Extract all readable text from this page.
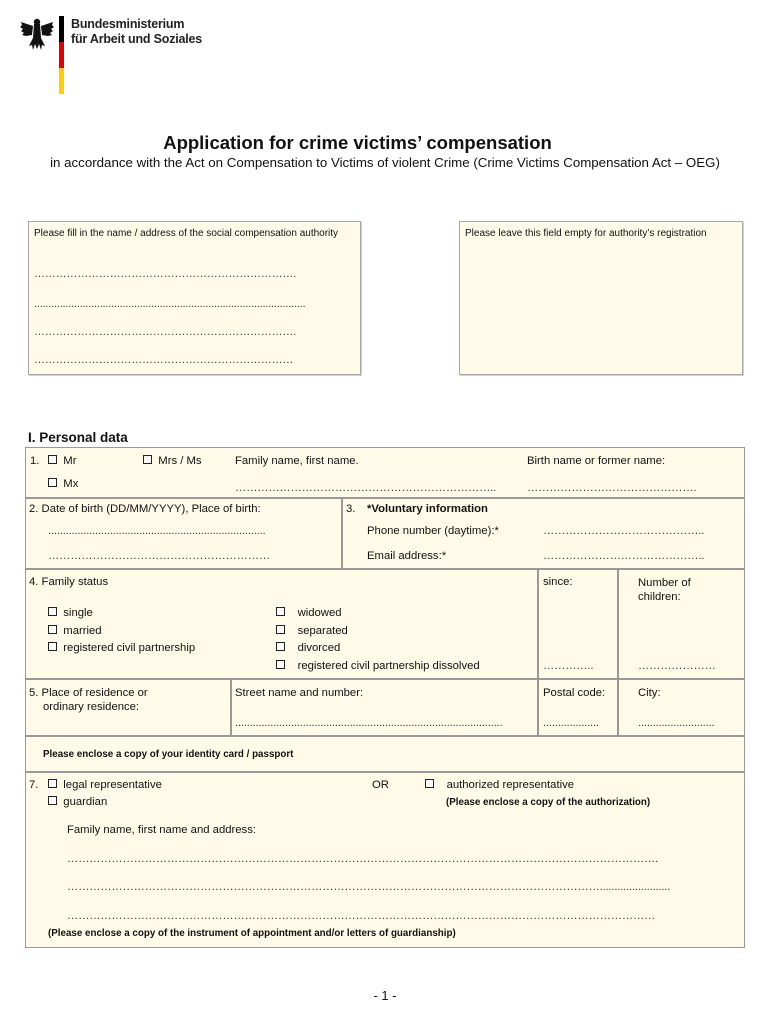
Bundesministerium
für Arbeit und Soziales
Application for crime victims’ compensation
in accordance with the Act on Compensation to Victims of violent Crime (Crime Victims Compensation Act – OEG)
Please fill in the name / address of the social compensation authority
……………………………………………………………….
...............................................................................................
……………………………………………………………….
………………………………………………………………
Please leave this field empty for authority’s registration
I. Personal data
1.	Mr	Mrs / Ms
Mx
Family name, first name.	Birth name or former name:
……………………………………………………………..	……………………………………….
2. Date of birth (DD/MM/YYYY), Place of birth:
..........................................................................
……………………………………………………
3. *Voluntary information
Phone number (daytime):*	……………………………………..
Email address:*	……………………………………..
4. Family status
single
married
registered civil partnership
widowed
separated
divorced
registered civil partnership dissolved
since:
…………..
Number of children:
…………………
5. Place of residence or
ordinary residence:
Street name and number:
...........................................................................................
Postal code:
...................
City:
..........................
Please enclose a copy of your identity card / passport
7.	legal representative
guardian
OR	authorized representative
(Please enclose a copy of the authorization)
Family name, first name and address:
…………………………………………………………………………………………………………………………………………….
………………………………………………………………………………………………………………………………........................
……………………………………………………………………………………………………………………………………………
(Please enclose a copy of the instrument of appointment and/or letters of guardianship)
- 1 -
